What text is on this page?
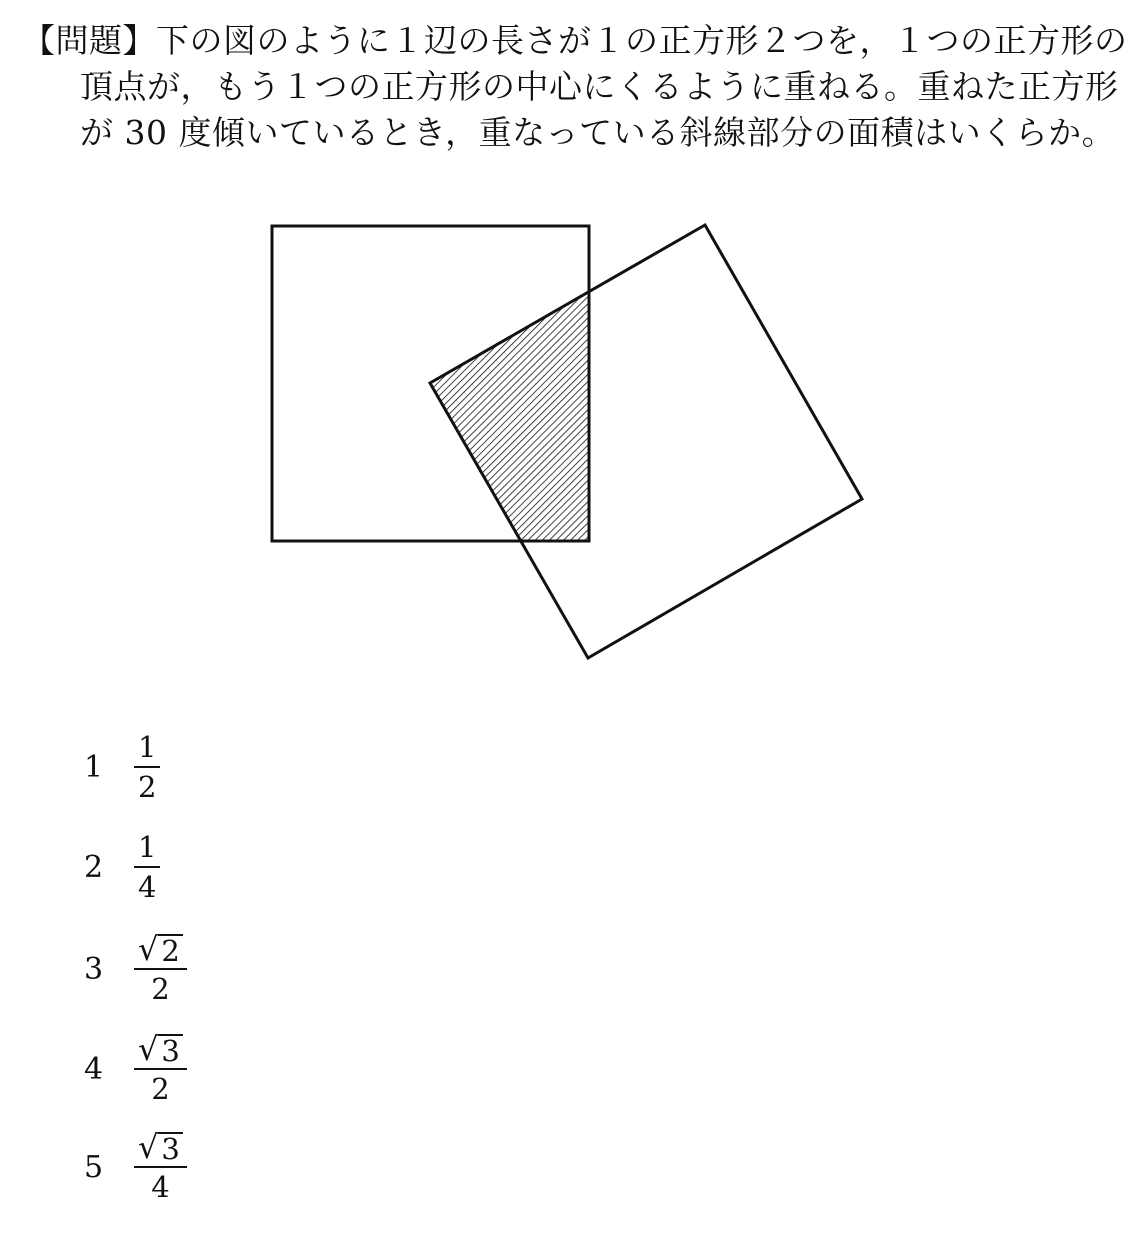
【問題】下の図のように１辺の長さが１の正方形２つを，１つの正方形の
頂点が，もう１つの正方形の中心にくるように重ねる。重ねた正方形
が 30 度傾いているとき，重なっている斜線部分の面積はいくらか。
1	$\frac{1}{2}$
2	$\frac{1}{4}$
$3 \frac{√ 2}{2}$
$4 \frac{√ 3}{2}$
$5 \frac{√ 3}{4}$
